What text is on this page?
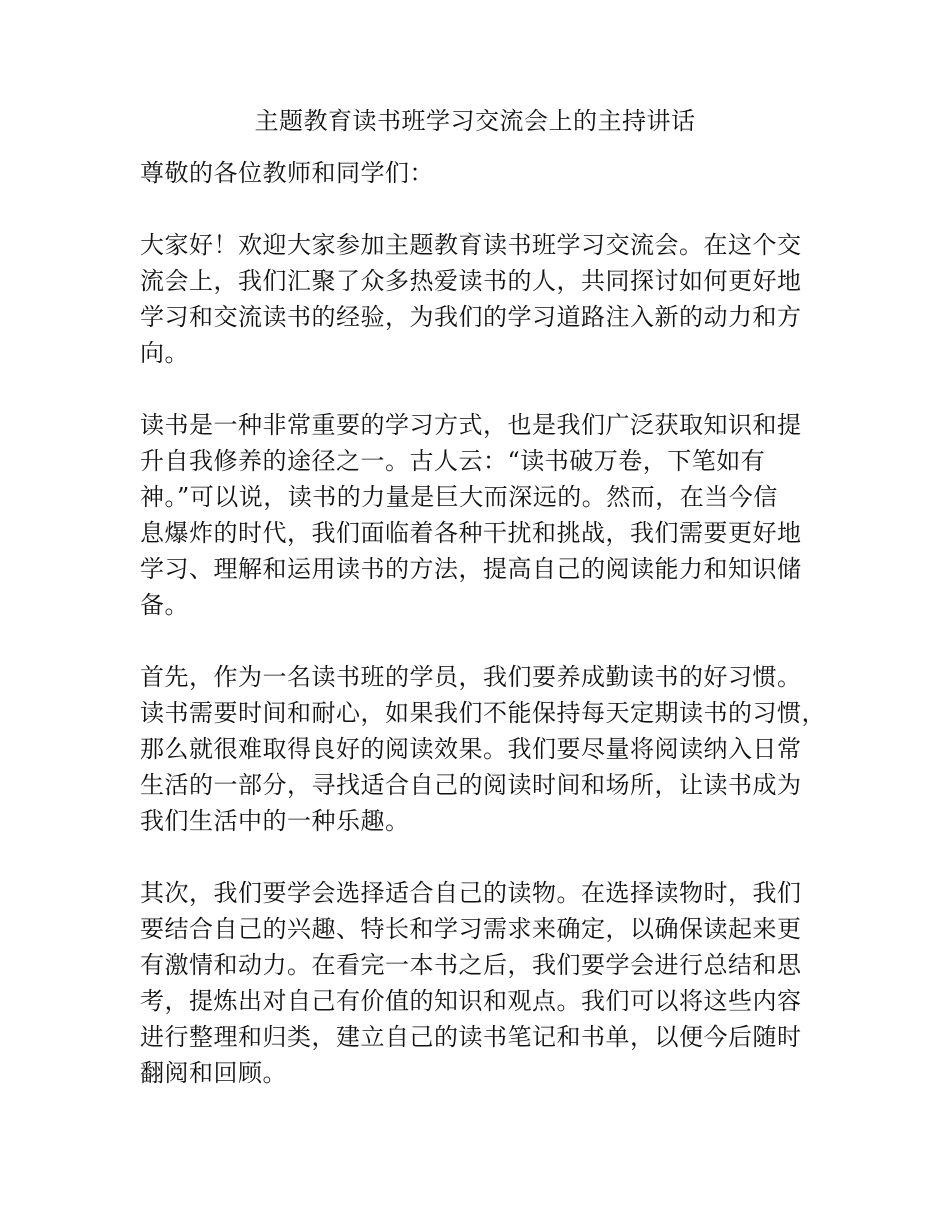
主题教育读书班学习交流会上的主持讲话
尊敬的各位教师和同学们：
大家好！欢迎大家参加主题教育读书班学习交流会。在这个交
流会上，我们汇聚了众多热爱读书的人，共同探讨如何更好地
学习和交流读书的经验，为我们的学习道路注入新的动力和方
向。
读书是一种非常重要的学习方式，也是我们广泛获取知识和提
升自我修养的途径之一。古人云：“读书破万卷，下笔如有
神。”可以说，读书的力量是巨大而深远的。然而，在当今信
息爆炸的时代，我们面临着各种干扰和挑战，我们需要更好地
学习、理解和运用读书的方法，提高自己的阅读能力和知识储
备。
首先，作为一名读书班的学员，我们要养成勤读书的好习惯。
读书需要时间和耐心，如果我们不能保持每天定期读书的习惯，
那么就很难取得良好的阅读效果。我们要尽量将阅读纳入日常
生活的一部分，寻找适合自己的阅读时间和场所，让读书成为
我们生活中的一种乐趣。
其次，我们要学会选择适合自己的读物。在选择读物时，我们
要结合自己的兴趣、特长和学习需求来确定，以确保读起来更
有激情和动力。在看完一本书之后，我们要学会进行总结和思
考，提炼出对自己有价值的知识和观点。我们可以将这些内容
进行整理和归类，建立自己的读书笔记和书单，以便今后随时
翻阅和回顾。
